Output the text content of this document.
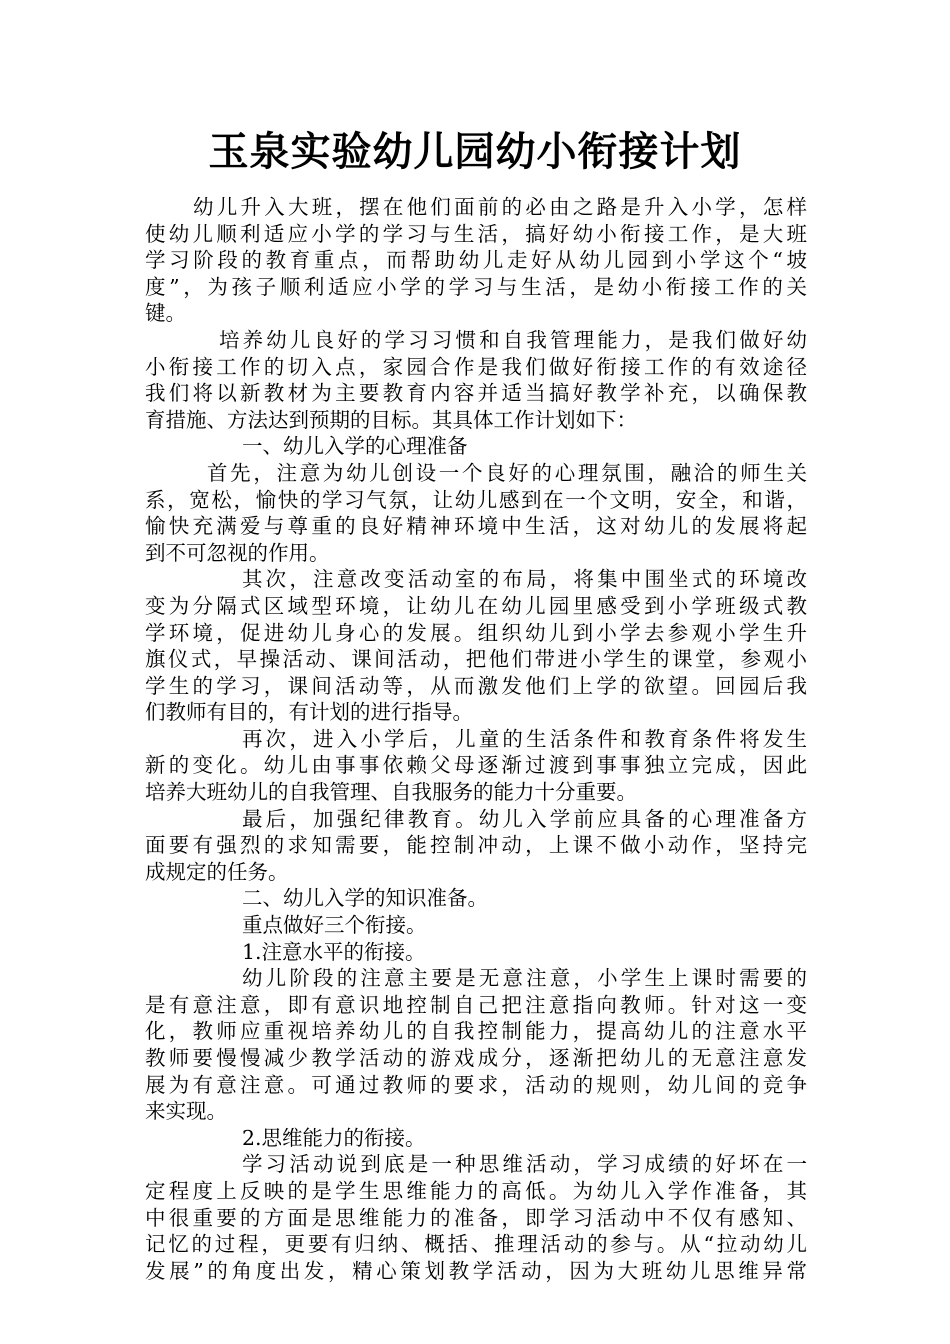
玉泉实验幼儿园幼小衔接计划
幼儿升入大班，摆在他们面前的必由之路是升入小学，怎样
使幼儿顺利适应小学的学习与生活，搞好幼小衔接工作，是大班
学习阶段的教育重点，而帮助幼儿走好从幼儿园到小学这个“坡
度”，为孩子顺利适应小学的学习与生活，是幼小衔接工作的关
键。
培养幼儿良好的学习习惯和自我管理能力，是我们做好幼
小衔接工作的切入点，家园合作是我们做好衔接工作的有效途径
我们将以新教材为主要教育内容并适当搞好教学补充，以确保教
育措施、方法达到预期的目标。其具体工作计划如下：
一、幼儿入学的心理准备
首先，注意为幼儿创设一个良好的心理氛围，融洽的师生关
系，宽松，愉快的学习气氛，让幼儿感到在一个文明，安全，和谐，
愉快充满爱与尊重的良好精神环境中生活，这对幼儿的发展将起
到不可忽视的作用。
其次，注意改变活动室的布局，将集中围坐式的环境改
变为分隔式区域型环境，让幼儿在幼儿园里感受到小学班级式教
学环境，促进幼儿身心的发展。组织幼儿到小学去参观小学生升
旗仪式，早操活动、课间活动，把他们带进小学生的课堂，参观小
学生的学习，课间活动等，从而激发他们上学的欲望。回园后我
们教师有目的，有计划的进行指导。
再次，进入小学后，儿童的生活条件和教育条件将发生
新的变化。幼儿由事事依赖父母逐渐过渡到事事独立完成，因此
培养大班幼儿的自我管理、自我服务的能力十分重要。
最后，加强纪律教育。幼儿入学前应具备的心理准备方
面要有强烈的求知需要，能控制冲动，上课不做小动作，坚持完
成规定的任务。
二、幼儿入学的知识准备。
重点做好三个衔接。
1.注意水平的衔接。
幼儿阶段的注意主要是无意注意，小学生上课时需要的
是有意注意，即有意识地控制自己把注意指向教师。针对这一变
化，教师应重视培养幼儿的自我控制能力，提高幼儿的注意水平
教师要慢慢减少教学活动的游戏成分，逐渐把幼儿的无意注意发
展为有意注意。可通过教师的要求，活动的规则，幼儿间的竞争
来实现。
2.思维能力的衔接。
学习活动说到底是一种思维活动，学习成绩的好坏在一
定程度上反映的是学生思维能力的高低。为幼儿入学作准备，其
中很重要的方面是思维能力的准备，即学习活动中不仅有感知、
记忆的过程，更要有归纳、概括、推理活动的参与。从“拉动幼儿
发展”的角度出发，精心策划教学活动，因为大班幼儿思维异常
